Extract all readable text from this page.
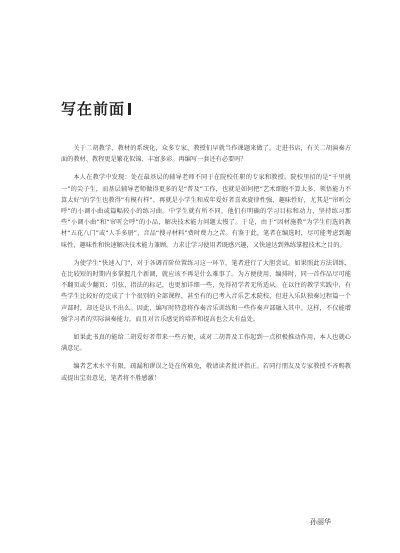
写在前面

关于二胡教学、教材的系统化，众多专家、教授们早就当作课题来做了。走进书店，有关二胡演奏方面的教材、教程更是繁花似锦、丰富多彩。再编写一套还有必要吗？

本人在教学中发现：处在最基层的辅导老师不同于在院校任职的专家和教授。院校里招的是“千里挑一”的尖子生，而基层辅导老师做得更多的是“普及”工作，也就是如何把“艺术细胞不算太多、领悟能力不算太好”的学生也教得“有模有样”。再就是小学生和成年爱好者喜欢旋律性强、趣味性好，尤其是“帘听会呼”的小调小曲或篇幅较小的练习曲。中学生就有所不同，他们有明确的学习目标和动力，坚持练习那些“小调小曲”和“帘听会呼”的小品，解决技术能力问题太慢了。于是，由于“因材施教”为学生们选的教材“五花八门”或“人手多册”，音品“搜寻材料”费时费力之苦。有鉴于此，笔者在编选时，尽可能考虑到趣味性，趣味性和快速解决技术能力兼顾。力求让学习使用者既感兴趣，又快速达到熟练掌握技术之目的。

为使学生“快速入门”，对于各调首阶位置练习这一环节，笔者进行了大胆尝试。如果照此方法训练，在比较短的时期内多掌握几个新调，就应该不再是什么难事了。为方便使用，编排时，同一首作品尽可能不翻页或少翻页；引弦、指法的标记，也更加详细一些，免得初学者无所适从。在以往的教学实践中，有些学生比较好的完成了十个很别的全部课程，甚至有的已考入音乐艺术院校，但进入乐队独奏过程篇一个声部时，却还是认不出么。因此，编写时特意将作奏音乐训练和一些作奏声部融入其中。这样，不仅能增强学习者的实际演奏能力，而且对音乐感觉的培养和提高也会大有益处。

如果此书真的能给二胡爱好者带来一些方便，或对二胡普及工作起到一点积极推动作用，本人也就心满意足。

编者艺术水平有限，疏漏和谬误之处在所难免，敬请读者批评指正。若同行朋友及专家教授不吝赐教或提出宝贵意见，笔者将不胜感激！

孙丽华
